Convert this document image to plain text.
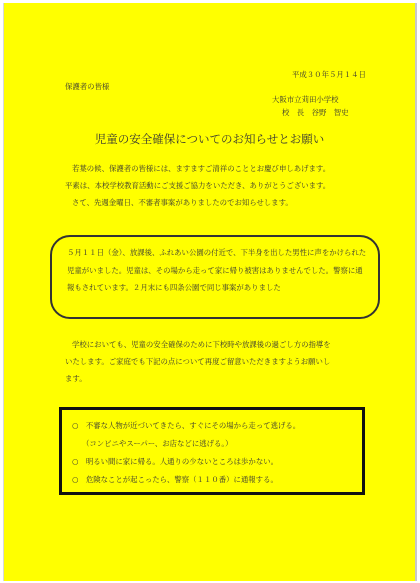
平成３０年５月１４日
保護者の皆様
大阪市立苅田小学校
校　長　谷野　智史
児童の安全確保についてのお知らせとお願い

若葉の候、保護者の皆様には、ますますご清祥のこととお慶び申しあげます。

平素は、本校学校教育活動にご支援ご協力をいただき、ありがとうございます。

さて、先週金曜日、不審者事案がありましたのでお知らせします。

５月１１日（金）、放課後、ふれあい公園の付近で、下半身を出した男性に声をかけられた児童がいました。児童は、その場から走って家に帰り被害はありませんでした。警察に通報もされています。２月末にも四条公園で同じ事案がありました

学校においても、児童の安全確保のために下校時や放課後の過ごし方の指導を

いたします。ご家庭でも下記の点について再度ご留意いただきますようお願いし

ます。

○　不審な人物が近づいてきたら、すぐにその場から走って逃げる。
（コンビニやスーパー、お店などに逃げる。）
○　明るい間に家に帰る。人通りの少ないところは歩かない。
○　危険なことが起こったら、警察（１１０番）に通報する。
